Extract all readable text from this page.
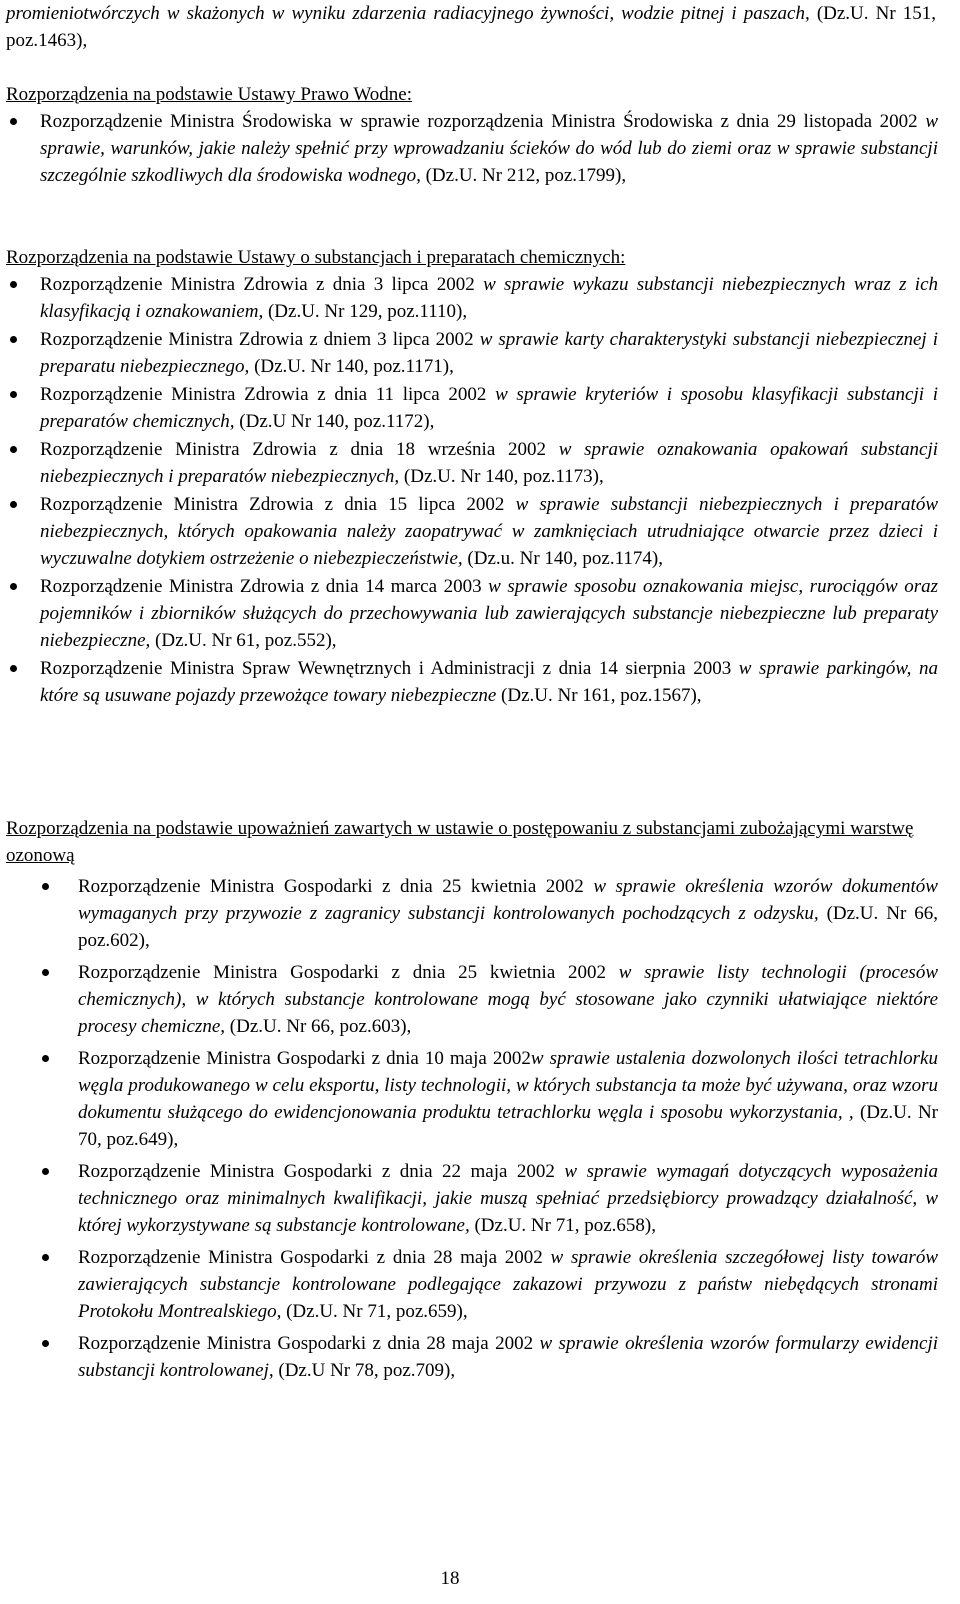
promieniotwórczych w skażonych w wyniku zdarzenia radiacyjnego żywności, wodzie pitnej i paszach, (Dz.U. Nr 151, poz.1463),

Rozporządzenia na podstawie Ustawy Prawo Wodne:

Rozporządzenie Ministra Środowiska w sprawie rozporządzenia Ministra Środowiska z dnia 29 listopada 2002 w sprawie, warunków, jakie należy spełnić przy wprowadzaniu ścieków do wód lub do ziemi oraz w sprawie substancji szczególnie szkodliwych dla środowiska wodnego, (Dz.U. Nr 212, poz.1799),

Rozporządzenia na podstawie Ustawy o substancjach i preparatach chemicznych:

Rozporządzenie Ministra Zdrowia z dnia 3 lipca 2002 w sprawie wykazu substancji niebezpiecznych wraz z ich klasyfikacją i oznakowaniem, (Dz.U. Nr 129, poz.1110),
Rozporządzenie Ministra Zdrowia z dniem 3 lipca 2002 w sprawie karty charakterystyki substancji niebezpiecznej i preparatu niebezpiecznego, (Dz.U. Nr 140, poz.1171),
Rozporządzenie Ministra Zdrowia z dnia 11 lipca 2002 w sprawie kryteriów i sposobu klasyfikacji substancji i preparatów chemicznych, (Dz.U Nr 140, poz.1172),
Rozporządzenie Ministra Zdrowia z dnia 18 września 2002 w sprawie oznakowania opakowań substancji niebezpiecznych i preparatów niebezpiecznych, (Dz.U. Nr 140, poz.1173),
Rozporządzenie Ministra Zdrowia z dnia 15 lipca 2002 w sprawie substancji niebezpiecznych i preparatów niebezpiecznych, których opakowania należy zaopatrywać w zamknięciach utrudniające otwarcie przez dzieci i wyczuwalne dotykiem ostrzeżenie o niebezpieczeństwie, (Dz.u. Nr 140, poz.1174),
Rozporządzenie Ministra Zdrowia z dnia 14 marca 2003 w sprawie sposobu oznakowania miejsc, rurociągów oraz pojemników i zbiorników służących do przechowywania lub zawierających substancje niebezpieczne lub preparaty niebezpieczne, (Dz.U. Nr 61, poz.552),
Rozporządzenie Ministra Spraw Wewnętrznych i Administracji z dnia 14 sierpnia 2003 w sprawie parkingów, na które są usuwane pojazdy przewożące towary niebezpieczne (Dz.U. Nr 161, poz.1567),

Rozporządzenia na podstawie upoważnień zawartych w ustawie o postępowaniu z substancjami zubożającymi warstwę ozonową

Rozporządzenie Ministra Gospodarki z dnia 25 kwietnia 2002 w sprawie określenia wzorów dokumentów wymaganych przy przywozie z zagranicy substancji kontrolowanych pochodzących z odzysku, (Dz.U. Nr 66, poz.602),
Rozporządzenie Ministra Gospodarki z dnia 25 kwietnia 2002 w sprawie listy technologii (procesów chemicznych), w których substancje kontrolowane mogą być stosowane jako czynniki ułatwiające niektóre procesy chemiczne, (Dz.U. Nr 66, poz.603),
Rozporządzenie Ministra Gospodarki z dnia 10 maja 2002w sprawie ustalenia dozwolonych ilości tetrachlorku węgla produkowanego w celu eksportu, listy technologii, w których substancja ta może być używana, oraz wzoru dokumentu służącego do ewidencjonowania produktu tetrachlorku węgla i sposobu wykorzystania, , (Dz.U. Nr 70, poz.649),
Rozporządzenie Ministra Gospodarki z dnia 22 maja 2002 w sprawie wymagań dotyczących wyposażenia technicznego oraz minimalnych kwalifikacji, jakie muszą spełniać przedsiębiorcy prowadzący działalność, w której wykorzystywane są substancje kontrolowane, (Dz.U. Nr 71, poz.658),
Rozporządzenie Ministra Gospodarki z dnia 28 maja 2002 w sprawie określenia szczegółowej listy towarów zawierających substancje kontrolowane podlegające zakazowi przywozu z państw niebędących stronami Protokołu Montrealskiego, (Dz.U. Nr 71, poz.659),
Rozporządzenie Ministra Gospodarki z dnia 28 maja 2002 w sprawie określenia wzorów formularzy ewidencji substancji kontrolowanej, (Dz.U Nr 78, poz.709),
18
